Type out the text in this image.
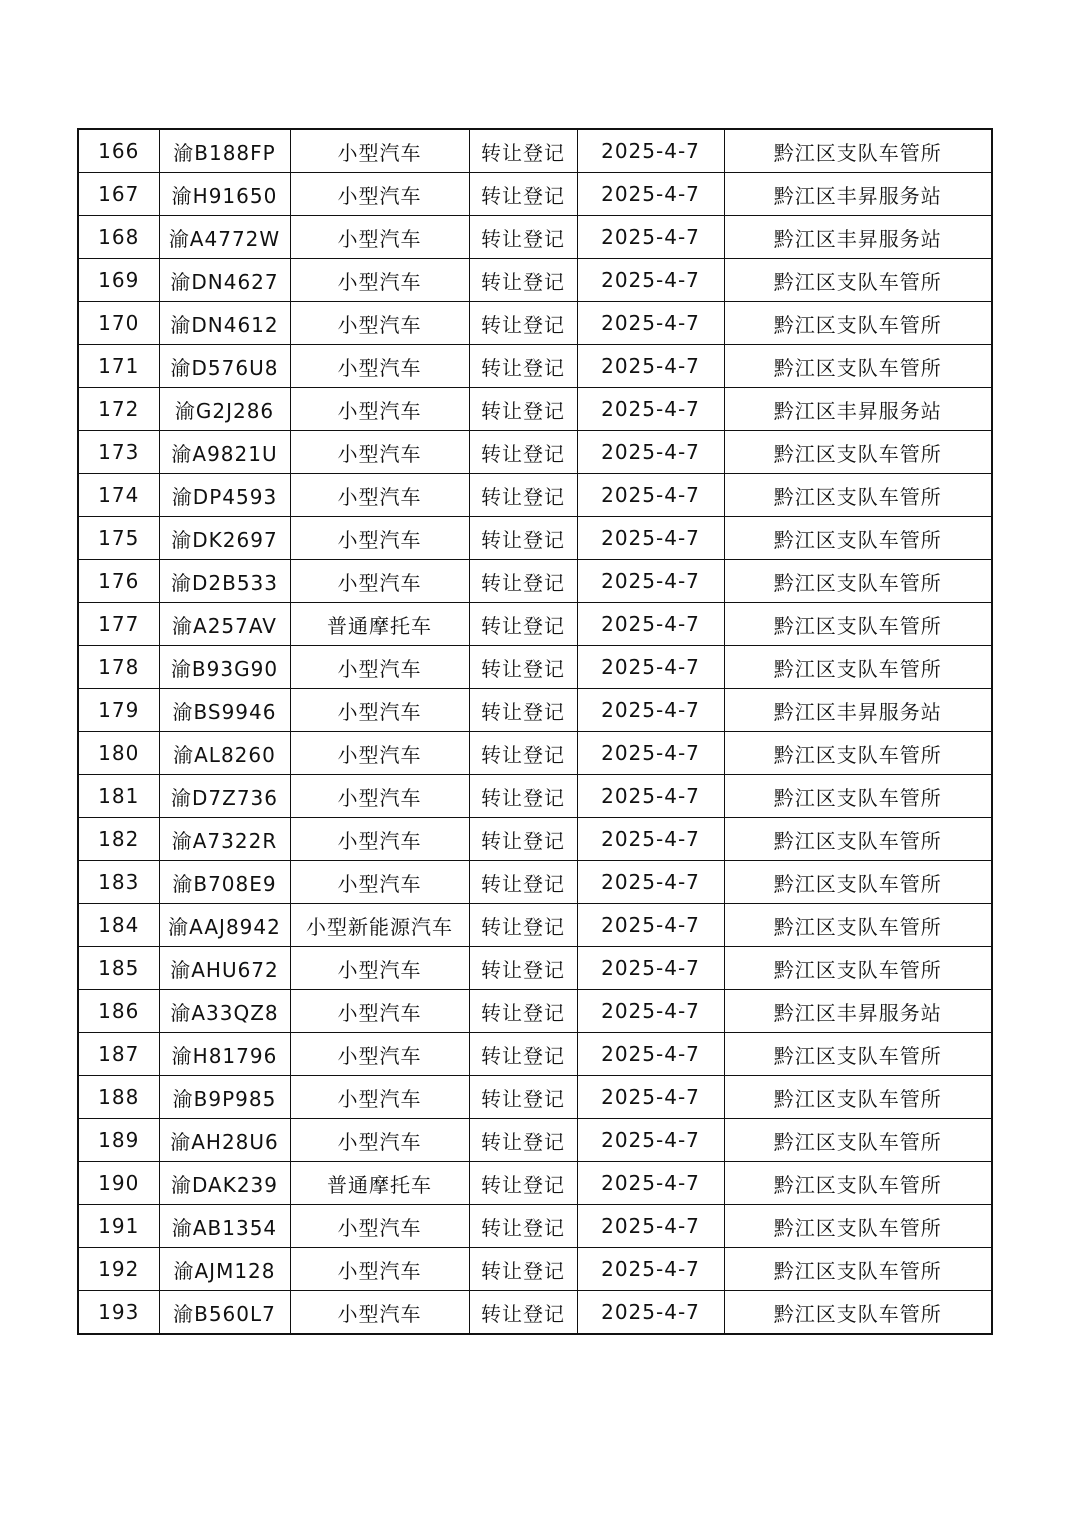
166	渝B188FP	小型汽车	转让登记	2025-4-7	黔江区支队车管所
167	渝H91650	小型汽车	转让登记	2025-4-7	黔江区丰昇服务站
168	渝A4772W	小型汽车	转让登记	2025-4-7	黔江区丰昇服务站
169	渝DN4627	小型汽车	转让登记	2025-4-7	黔江区支队车管所
170	渝DN4612	小型汽车	转让登记	2025-4-7	黔江区支队车管所
171	渝D576U8	小型汽车	转让登记	2025-4-7	黔江区支队车管所
172	渝G2J286	小型汽车	转让登记	2025-4-7	黔江区丰昇服务站
173	渝A9821U	小型汽车	转让登记	2025-4-7	黔江区支队车管所
174	渝DP4593	小型汽车	转让登记	2025-4-7	黔江区支队车管所
175	渝DK2697	小型汽车	转让登记	2025-4-7	黔江区支队车管所
176	渝D2B533	小型汽车	转让登记	2025-4-7	黔江区支队车管所
177	渝A257AV	普通摩托车	转让登记	2025-4-7	黔江区支队车管所
178	渝B93G90	小型汽车	转让登记	2025-4-7	黔江区支队车管所
179	渝BS9946	小型汽车	转让登记	2025-4-7	黔江区丰昇服务站
180	渝AL8260	小型汽车	转让登记	2025-4-7	黔江区支队车管所
181	渝D7Z736	小型汽车	转让登记	2025-4-7	黔江区支队车管所
182	渝A7322R	小型汽车	转让登记	2025-4-7	黔江区支队车管所
183	渝B708E9	小型汽车	转让登记	2025-4-7	黔江区支队车管所
184	渝AAJ8942	小型新能源汽车	转让登记	2025-4-7	黔江区支队车管所
185	渝AHU672	小型汽车	转让登记	2025-4-7	黔江区支队车管所
186	渝A33QZ8	小型汽车	转让登记	2025-4-7	黔江区丰昇服务站
187	渝H81796	小型汽车	转让登记	2025-4-7	黔江区支队车管所
188	渝B9P985	小型汽车	转让登记	2025-4-7	黔江区支队车管所
189	渝AH28U6	小型汽车	转让登记	2025-4-7	黔江区支队车管所
190	渝DAK239	普通摩托车	转让登记	2025-4-7	黔江区支队车管所
191	渝AB1354	小型汽车	转让登记	2025-4-7	黔江区支队车管所
192	渝AJM128	小型汽车	转让登记	2025-4-7	黔江区支队车管所
193	渝B560L7	小型汽车	转让登记	2025-4-7	黔江区支队车管所
